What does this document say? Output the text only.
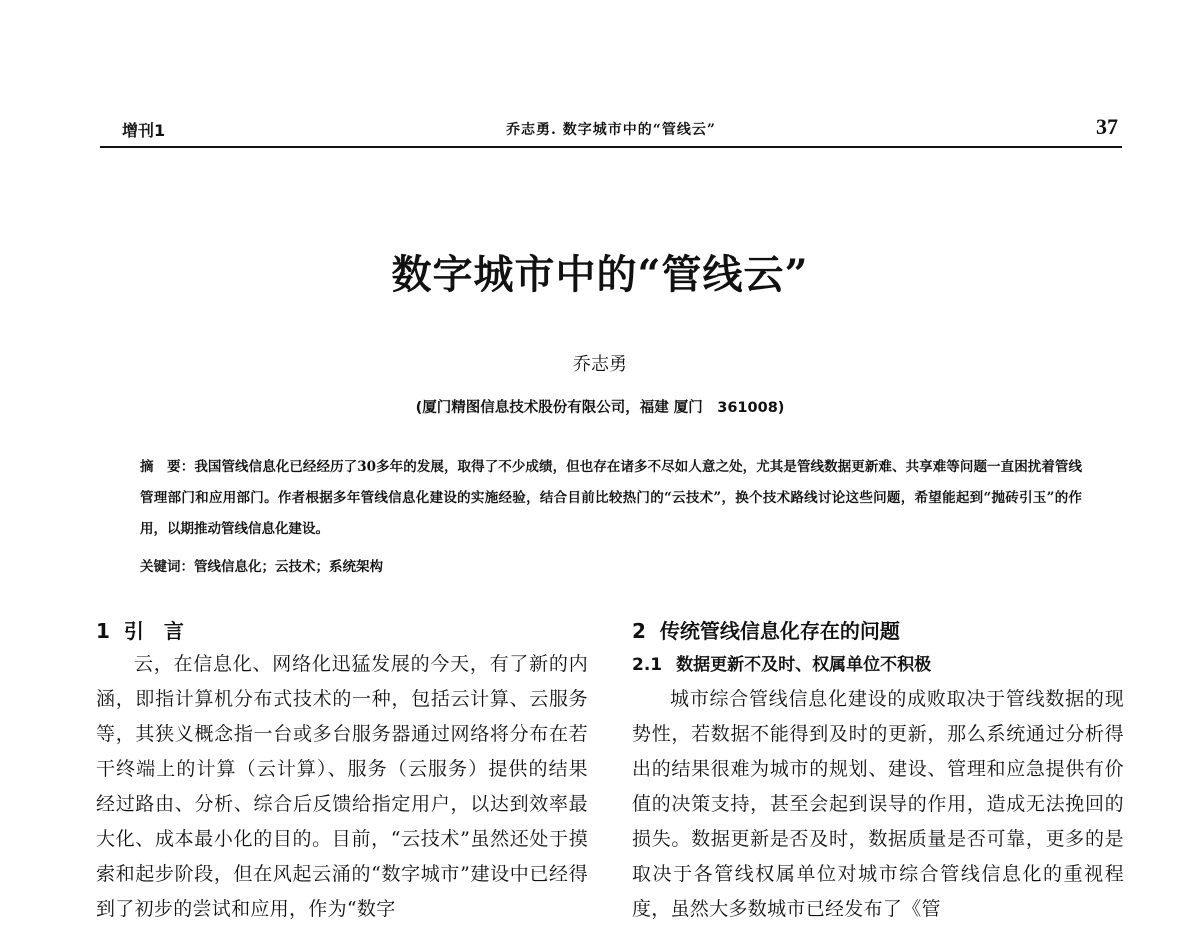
增刊1	乔志勇. 数字城市中的“管线云”	37
数字城市中的“管线云”
乔志勇
(厦门精图信息技术股份有限公司，福建 厦门　361008)

摘　要：我国管线信息化已经经历了30多年的发展，取得了不少成绩，但也存在诸多不尽如人意之处，尤其是管线数据更新难、共享难等问题一直困扰着管线管理部门和应用部门。作者根据多年管线信息化建设的实施经验，结合目前比较热门的“云技术”，换个技术路线讨论这些问题，希望能起到“抛砖引玉”的作用，以期推动管线信息化建设。

关键词：管线信息化；云技术；系统架构
1 引　言

云，在信息化、网络化迅猛发展的今天，有了新的内涵，即指计算机分布式技术的一种，包括云计算、云服务等，其狭义概念指一台或多台服务器通过网络将分布在若干终端上的计算（云计算）、服务（云服务）提供的结果经过路由、分析、综合后反馈给指定用户，以达到效率最大化、成本最小化的目的。目前，“云技术”虽然还处于摸索和起步阶段，但在风起云涌的“数字城市”建设中已经得到了初步的尝试和应用，作为“数字

2 传统管线信息化存在的问题
2.1 数据更新不及时、权属单位不积极

城市综合管线信息化建设的成败取决于管线数据的现势性，若数据不能得到及时的更新，那么系统通过分析得出的结果很难为城市的规划、建设、管理和应急提供有价值的决策支持，甚至会起到误导的作用，造成无法挽回的损失。数据更新是否及时，数据质量是否可靠，更多的是取决于各管线权属单位对城市综合管线信息化的重视程度，虽然大多数城市已经发布了《管
